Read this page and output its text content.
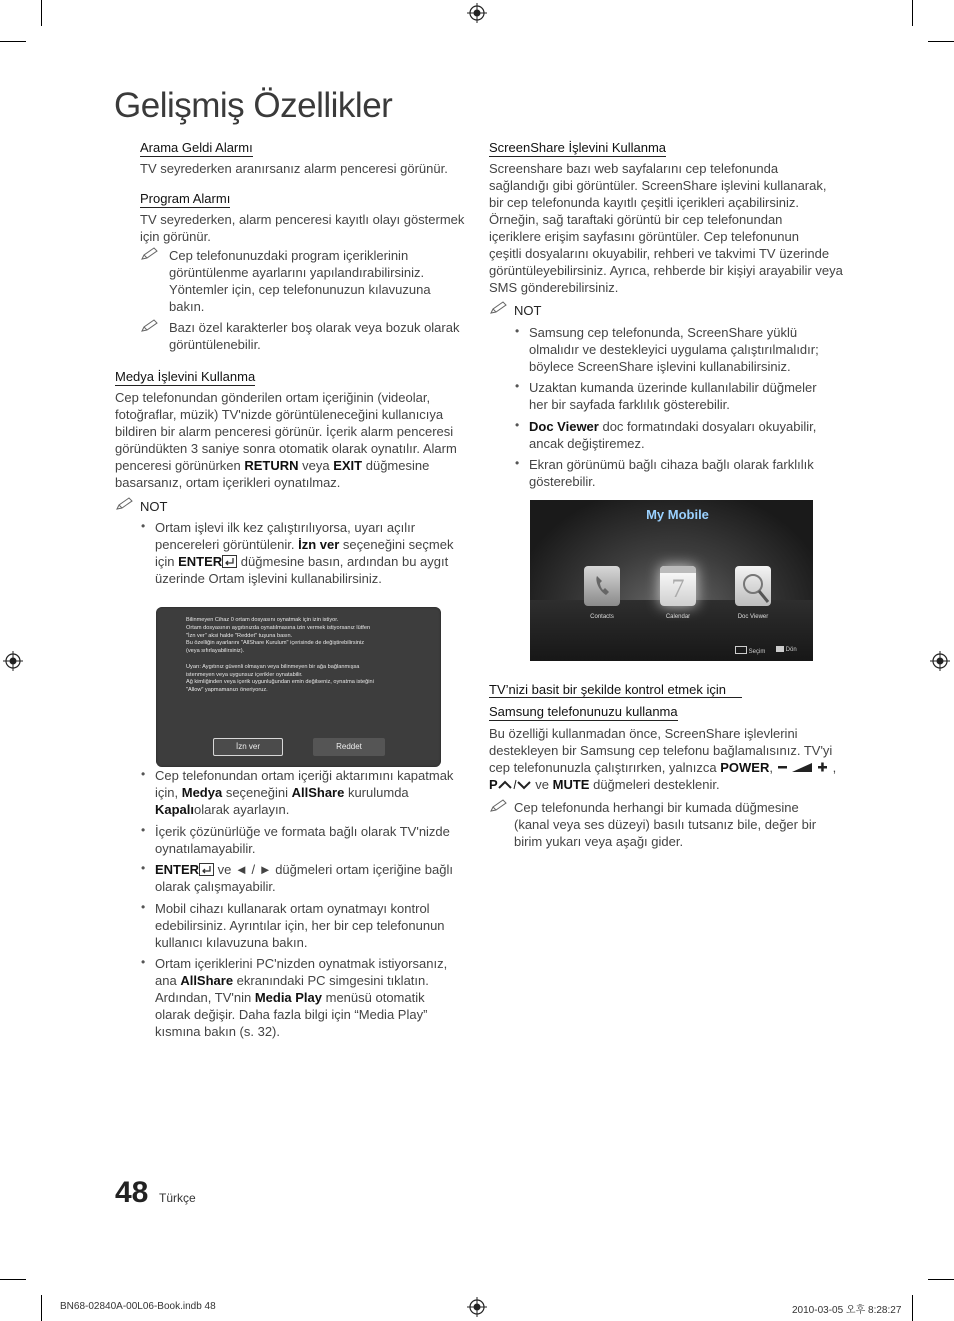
Gelişmiş Özellikler
Arama Geldi Alarmı
TV seyrederken aranırsanız alarm penceresi görünür.
Program Alarmı
TV seyrederken, alarm penceresi kayıtlı olayı göstermek
için görünür.
Cep telefonunuzdaki program içeriklerinin
görüntülenme ayarlarını yapılandırabilirsiniz.
Yöntemler için, cep telefonunuzun kılavuzuna
bakın.
Bazı özel karakterler boş olarak veya bozuk olarak
görüntülenebilir.
Medya İşlevini Kullanma
Cep telefonundan gönderilen ortam içeriğinin (videolar,
fotoğraflar, müzik) TV'nizde görüntüleneceğini kullanıcıya
bildiren bir alarm penceresi görünür. İçerik alarm penceresi
göründükten 3 saniye sonra otomatik olarak oynatılır. Alarm
penceresi görünürken RETURN veya EXIT düğmesine
basarsanız, ortam içerikleri oynatılmaz.
NOT
• Ortam işlevi ilk kez çalıştırılıyorsa, uyarı açılır
pencereleri görüntülenir. İzn ver seçeneğini seçmek
için ENTER düğmesine basın, ardından bu aygıt
üzerinde Ortam işlevini kullanabilirsiniz.
Bilinmeyen Cihaz 0 ortam dosyasını oynatmak için izin istiyor.
Ortam dosyasının aygıtınızda oynatılmasına izin vermek istiyorsanız lütfen
"İzn ver" aksi halde "Reddet" tuşuna basın.
Bu özelliğin ayarlarını "AllShare Kurulum" içerisinde de değiştirebilirsiniz
(veya sıfırlayabilirsiniz).
Uyarı: Aygıtınız güvenli olmayan veya bilinmeyen bir ağa bağlanmışsa
istenmeyen veya uygunsuz içerikler oynatabilir.
Ağ kimliğinden veya içerik uygunluğundan emin değilseniz, oynatma isteğini
"Allow" yapmamanızı öneriyoruz.
İzn ver	Reddet
• Cep telefonundan ortam içeriği aktarımını kapatmak
için, Medya seçeneğini AllShare kurulumda
Kapalıolarak ayarlayın.
• İçerik çözünürlüğe ve formata bağlı olarak TV'nizde
oynatılamayabilir.
• ENTER ve ◄ / ► düğmeleri ortam içeriğine bağlı
olarak çalışmayabilir.
• Mobil cihazı kullanarak ortam oynatmayı kontrol
edebilirsiniz. Ayrıntılar için, her bir cep telefonunun
kullanıcı kılavuzuna bakın.
• Ortam içeriklerini PC'nizden oynatmak istiyorsanız,
ana AllShare ekranındaki PC simgesini tıklatın.
Ardından, TV'nin Media Play menüsü otomatik
olarak değişir. Daha fazla bilgi için “Media Play”
kısmına bakın (s. 32).
ScreenShare İşlevini Kullanma
Screenshare bazı web sayfalarını cep telefonunda
sağlandığı gibi görüntüler. ScreenShare işlevini kullanarak,
bir cep telefonunda kayıtlı çeşitli içerikleri açabilirsiniz.
Örneğin, sağ taraftaki görüntü bir cep telefonundan
içeriklere erişim sayfasını görüntüler. Cep telefonunun
çeşitli dosyalarını okuyabilir, rehberi ve takvimi TV üzerinde
görüntüleyebilirsiniz. Ayrıca, rehberde bir kişiyi arayabilir veya
SMS gönderebilirsiniz.
NOT
• Samsung cep telefonunda, ScreenShare yüklü
olmalıdır ve destekleyici uygulama çalıştırılmalıdır;
böylece ScreenShare işlevini kullanabilirsiniz.
• Uzaktan kumanda üzerinde kullanılabilir düğmeler
her bir sayfada farklılık gösterebilir.
• Doc Viewer doc formatındaki dosyaları okuyabilir,
ancak değiştiremez.
• Ekran görünümü bağlı cihaza bağlı olarak farklılık
gösterebilir.
My Mobile
7
Contacts	Calendar	Doc Viewer
Seçim	Dön
TV’nizi basit bir şekilde kontrol etmek için
Samsung telefonunuzu kullanma
Bu özelliği kullanmadan önce, ScreenShare işlevlerini
destekleyen bir Samsung cep telefonu bağlamalısınız. TV'yi
cep telefonunuzla çalıştırırken, yalnızca POWER,	,
P	ve MUTE düğmeleri desteklenir.
Cep telefonunda herhangi bir kumada düğmesine
(kanal veya ses düzeyi) basılı tutsanız bile, değer bir
birim yukarı veya aşağı gider.
48 Türkçe
BN68-02840A-00L06-Book.indb 48	2010-03-05 오후 8:28:27
